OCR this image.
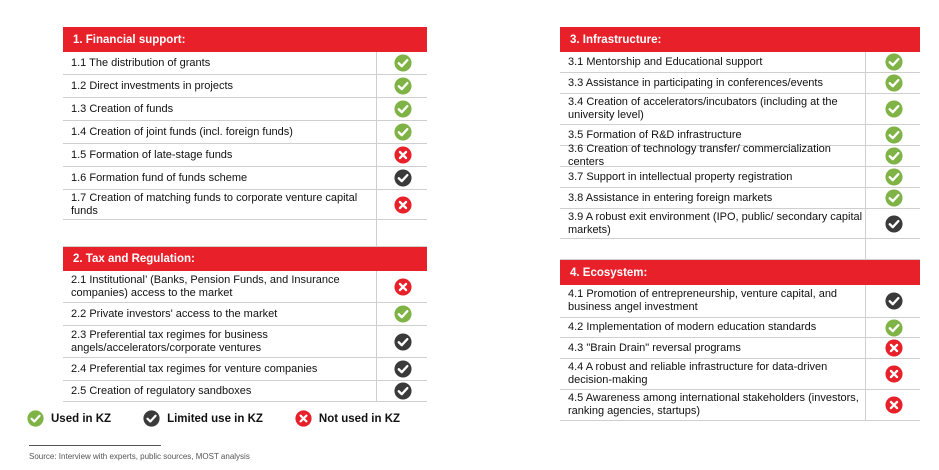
1. Financial support:
1.1 The distribution of grants
1.2 Direct investments in projects
1.3 Creation of funds
1.4 Creation of joint funds (incl. foreign funds)
1.5 Formation of late-stage funds
1.6 Formation fund of funds scheme
1.7 Creation of matching funds to corporate venture capital funds
2. Tax and Regulation:
2.1 Institutional’ (Banks, Pension Funds, and Insurance companies) access to the market
2.2 Private investors' access to the market
2.3 Preferential tax regimes for business angels/accelerators/corporate ventures
2.4 Preferential tax regimes for venture companies
2.5 Creation of regulatory sandboxes
3. Infrastructure:
3.1 Mentorship and Educational support
3.3 Assistance in participating in conferences/events
3.4 Creation of accelerators/incubators (including at the university level)
3.5 Formation of R&D infrastructure
3.6 Creation of technology transfer/ commercialization centers
3.7 Support in intellectual property registration
3.8 Assistance in entering foreign markets
3.9 A robust exit environment (IPO, public/ secondary capital markets)
4. Ecosystem:
4.1 Promotion of entrepreneurship, venture capital, and business angel investment
4.2 Implementation of modern education standards
4.3 "Brain Drain" reversal programs
4.4 A robust and reliable infrastructure for data-driven decision-making
4.5 Awareness among international stakeholders (investors, ranking agencies, startups)
Used in KZ	Limited use in KZ	Not used in KZ
Source: Interview with experts, public sources, MOST analysis
